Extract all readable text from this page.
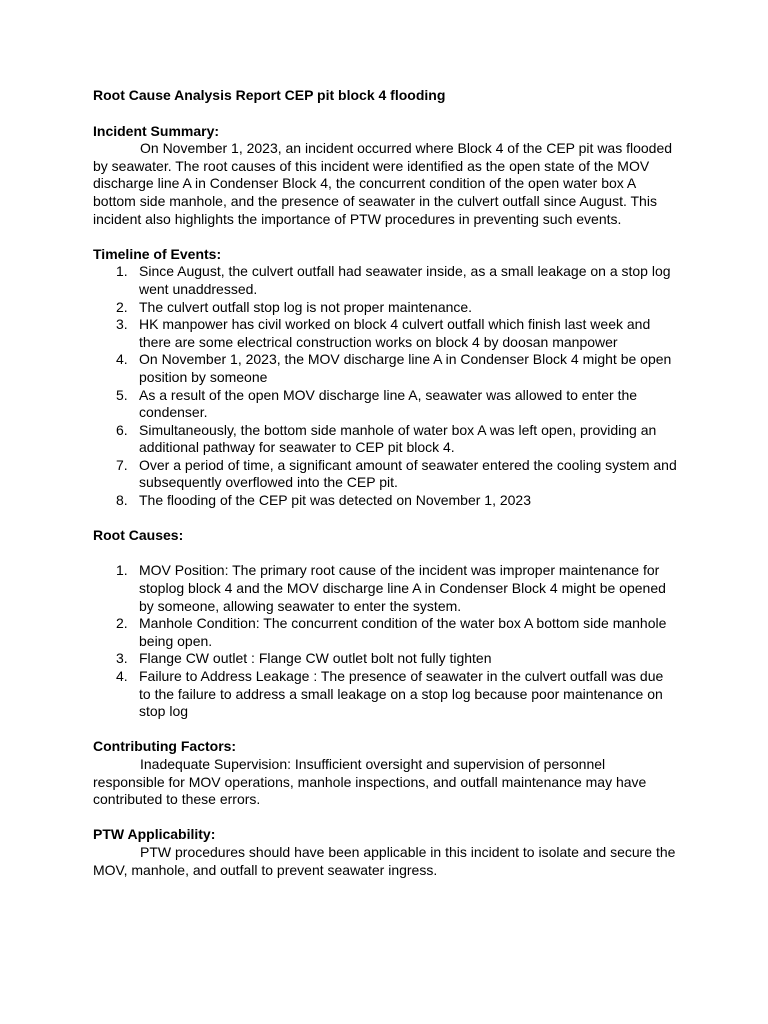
Root Cause Analysis Report CEP pit block 4 flooding

Incident Summary:

On November 1, 2023, an incident occurred where Block 4 of the CEP pit was flooded by seawater. The root causes of this incident were identified as the open state of the MOV discharge line A in Condenser Block 4, the concurrent condition of the open water box A bottom side manhole, and the presence of seawater in the culvert outfall since August. This incident also highlights the importance of PTW procedures in preventing such events.

Timeline of Events:

1. Since August, the culvert outfall had seawater inside, as a small leakage on a stop log went unaddressed.
2. The culvert outfall stop log is not proper maintenance.
3. HK manpower has civil worked on block 4 culvert outfall which finish last week and there are some electrical construction works on block 4 by doosan manpower
4. On November 1, 2023, the MOV discharge line A in Condenser Block 4 might be open position by someone
5. As a result of the open MOV discharge line A, seawater was allowed to enter the condenser.
6. Simultaneously, the bottom side manhole of water box A was left open, providing an additional pathway for seawater to CEP pit block 4.
7. Over a period of time, a significant amount of seawater entered the cooling system and subsequently overflowed into the CEP pit.
8. The flooding of the CEP pit was detected on November 1, 2023

Root Causes:

1. MOV Position: The primary root cause of the incident was improper maintenance for stoplog block 4 and the MOV discharge line A in Condenser Block 4 might be opened by someone, allowing seawater to enter the system.
2. Manhole Condition: The concurrent condition of the water box A bottom side manhole being open.
3. Flange CW outlet : Flange CW outlet bolt not fully tighten
4. Failure to Address Leakage : The presence of seawater in the culvert outfall was due to the failure to address a small leakage on a stop log because poor maintenance on stop log

Contributing Factors:

Inadequate Supervision: Insufficient oversight and supervision of personnel responsible for MOV operations, manhole inspections, and outfall maintenance may have contributed to these errors.

PTW Applicability:

PTW procedures should have been applicable in this incident to isolate and secure the MOV, manhole, and outfall to prevent seawater ingress.
